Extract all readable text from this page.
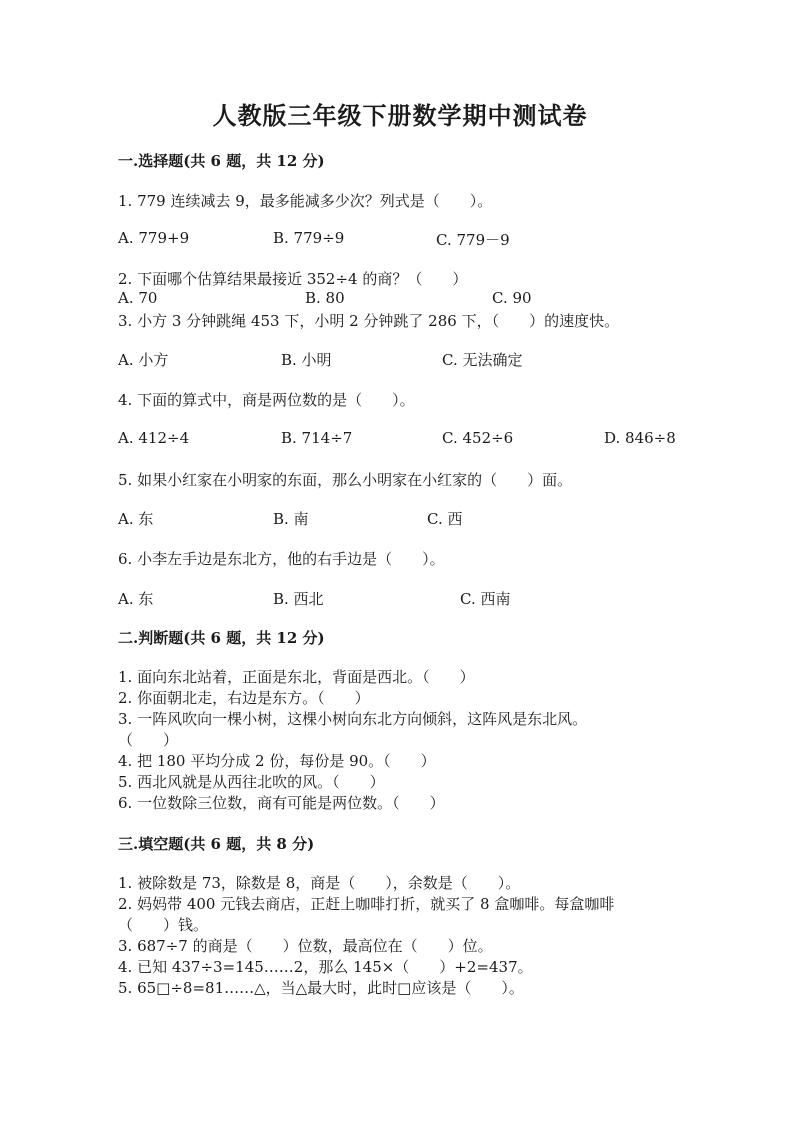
人教版三年级下册数学期中测试卷
一.选择题(共 6 题，共 12 分)
1. 779 连续减去 9，最多能减多少次？列式是（　　）。
A. 779+9	B. 779÷9	C. 779－9
2. 下面哪个估算结果最接近 352÷4 的商？（　　）
A. 70	B. 80	C. 90
3. 小方 3 分钟跳绳 453 下，小明 2 分钟跳了 286 下，（　　）的速度快。
A. 小方	B. 小明	C. 无法确定
4. 下面的算式中，商是两位数的是（　　）。
A. 412÷4	B. 714÷7	C. 452÷6	D. 846÷8
5. 如果小红家在小明家的东面，那么小明家在小红家的（　　）面。
A. 东	B. 南	C. 西
6. 小李左手边是东北方，他的右手边是（　　）。
A. 东	B. 西北	C. 西南
二.判断题(共 6 题，共 12 分)
1. 面向东北站着，正面是东北，背面是西北。（　　）
2. 你面朝北走，右边是东方。（　　）
3. 一阵风吹向一棵小树，这棵小树向东北方向倾斜，这阵风是东北风。
（　　）
4. 把 180 平均分成 2 份，每份是 90。（　　）
5. 西北风就是从西往北吹的风。（　　）
6. 一位数除三位数，商有可能是两位数。（　　）
三.填空题(共 6 题，共 8 分)
1. 被除数是 73，除数是 8，商是（　　），余数是（　　）。
2. 妈妈带 400 元钱去商店，正赶上咖啡打折，就买了 8 盒咖啡。每盒咖啡
（　　）钱。
3. 687÷7 的商是（　　）位数，最高位在（　　）位。
4. 已知 437÷3=145……2，那么 145×（　　）+2=437。
5. 65□÷8=81……△，当△最大时，此时□应该是（　　）。
